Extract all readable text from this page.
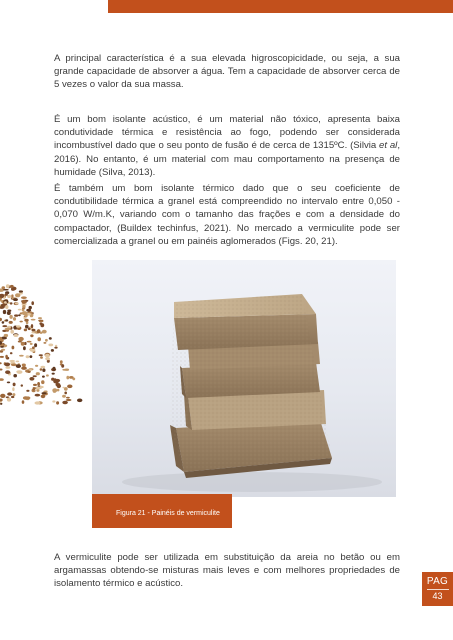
A principal característica é a sua elevada higroscopicidade, ou seja, a sua grande capacidade de absorver a água. Tem a capacidade de absorver cerca de 5 vezes o valor da sua massa.

É um bom isolante acústico, é um material não tóxico, apresenta baixa condutividade térmica e resistência ao fogo, podendo ser considerada incombustível dado que o seu ponto de fusão é de cerca de 1315ºC. (Silvia et al, 2016). No entanto, é um material com mau comportamento na presença de humidade (Silva, 2013).

É também um bom isolante térmico dado que o seu coeficiente de condutibilidade térmica a granel está compreendido no intervalo entre 0,050 - 0,070 W/m.K, variando com o tamanho das frações e com a densidade do compactador, (Buildex techinfus, 2021). No mercado a vermiculite pode ser comercializada a granel ou em painéis aglomerados (Figs. 20, 21).

Figura 21 - Painéis de vermiculite

A vermiculite pode ser utilizada em substituição da areia no betão ou em argamassas obtendo-se misturas mais leves e com melhores propriedades de isolamento térmico e acústico.	PAG
43
